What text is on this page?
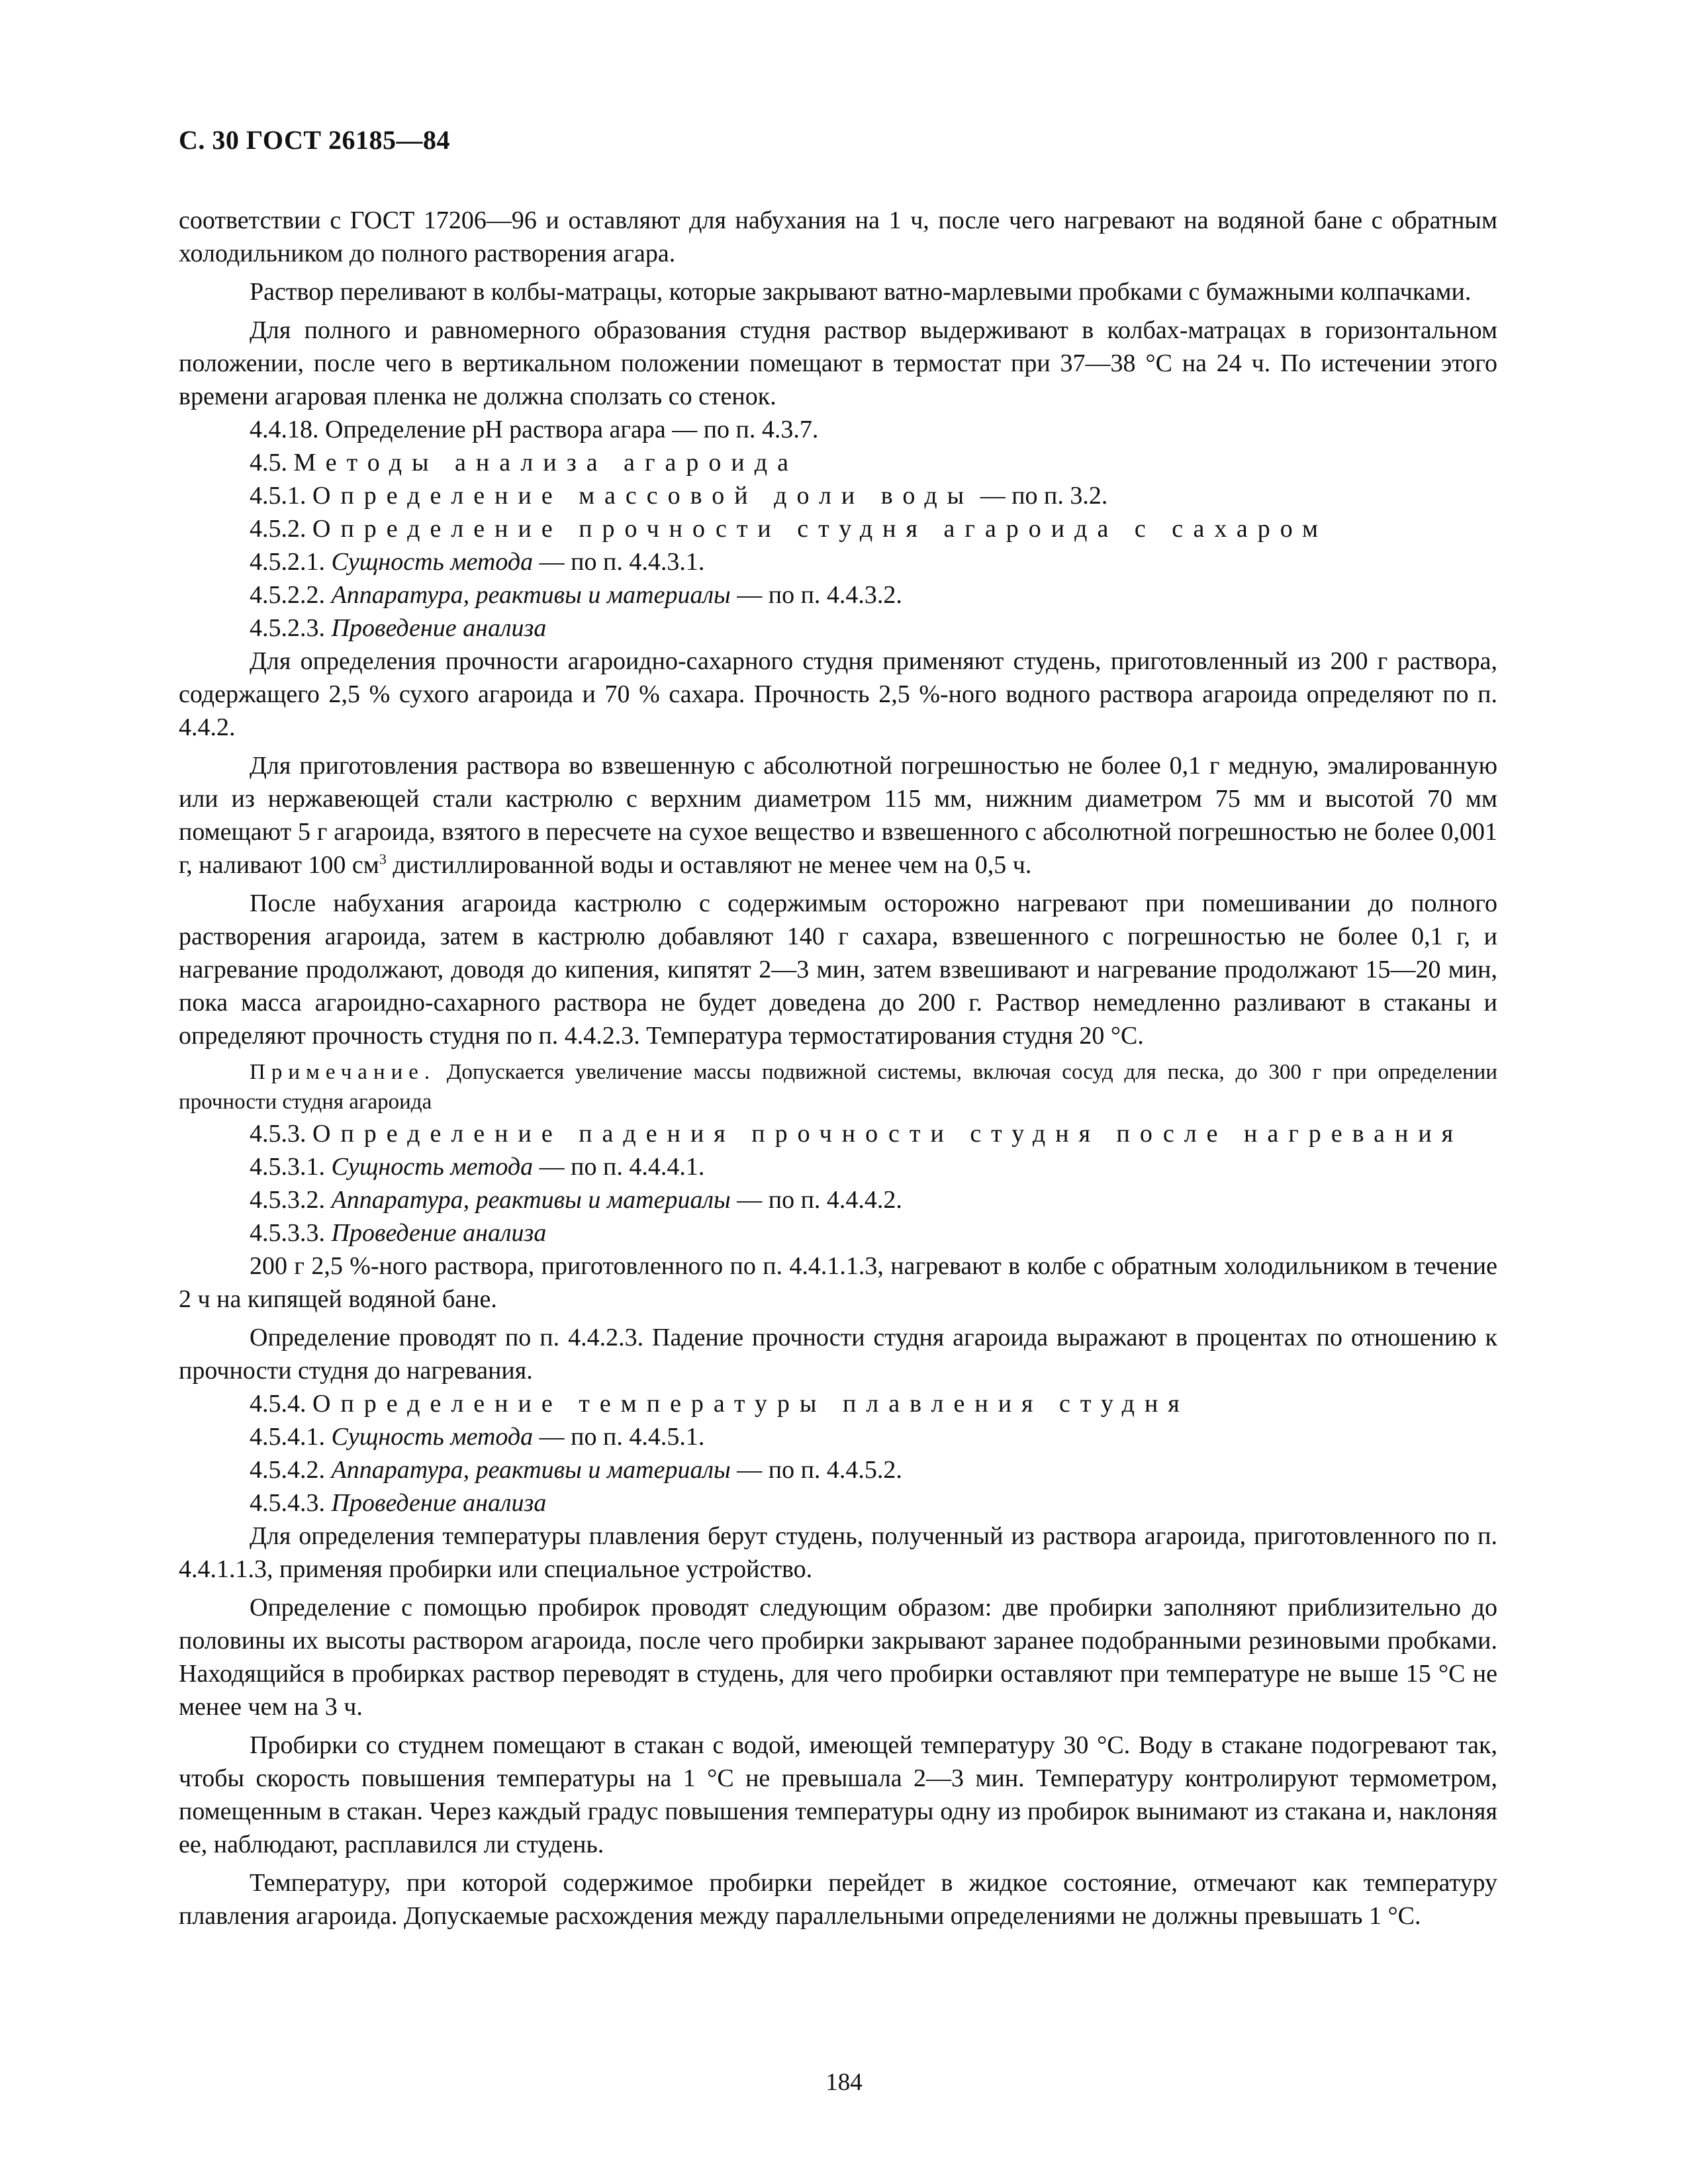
С. 30 ГОСТ 26185—84

соответствии с ГОСТ 17206—96 и оставляют для набухания на 1 ч, после чего нагревают на водяной бане с обратным холодильником до полного растворения агара.

Раствор переливают в колбы-матрацы, которые закрывают ватно-марлевыми пробками с бумажными колпачками.

Для полного и равномерного образования студня раствор выдерживают в колбах-матрацах в горизонтальном положении, после чего в вертикальном положении помещают в термостат при 37—38 °С на 24 ч. По истечении этого времени агаровая пленка не должна сползать со стенок.

4.4.18. Определение pH раствора агара — по п. 4.3.7.

4.5. Методы анализа агароида

4.5.1. Определение массовой доли воды — по п. 3.2.

4.5.2. Определение прочности студня агароида с сахаром

4.5.2.1. Сущность метода — по п. 4.4.3.1.

4.5.2.2. Аппаратура, реактивы и материалы — по п. 4.4.3.2.

4.5.2.3. Проведение анализа

Для определения прочности агароидно-сахарного студня применяют студень, приготовленный из 200 г раствора, содержащего 2,5 % сухого агароида и 70 % сахара. Прочность 2,5 %-ного водного раствора агароида определяют по п. 4.4.2.

Для приготовления раствора во взвешенную с абсолютной погрешностью не более 0,1 г медную, эмалированную или из нержавеющей стали кастрюлю с верхним диаметром 115 мм, нижним диаметром 75 мм и высотой 70 мм помещают 5 г агароида, взятого в пересчете на сухое вещество и взвешенного с абсолютной погрешностью не более 0,001 г, наливают 100 $см^3$ дистиллированной воды и оставляют не менее чем на 0,5 ч.

После набухания агароида кастрюлю с содержимым осторожно нагревают при помешивании до полного растворения агароида, затем в кастрюлю добавляют 140 г сахара, взвешенного с погрешностью не более 0,1 г, и нагревание продолжают, доводя до кипения, кипятят 2—3 мин, затем взвешивают и нагревание продолжают 15—20 мин, пока масса агароидно-сахарного раствора не будет доведена до 200 г. Раствор немедленно разливают в стаканы и определяют прочность студня по п. 4.4.2.3. Температура термостатирования студня 20 °С.

Примечание. Допускается увеличение массы подвижной системы, включая сосуд для песка, до 300 г при определении прочности студня агароида

4.5.3. Определение падения прочности студня после нагревания

4.5.3.1. Сущность метода — по п. 4.4.4.1.

4.5.3.2. Аппаратура, реактивы и материалы — по п. 4.4.4.2.

4.5.3.3. Проведение анализа

200 г 2,5 %-ного раствора, приготовленного по п. 4.4.1.1.3, нагревают в колбе с обратным холодильником в течение 2 ч на кипящей водяной бане.

Определение проводят по п. 4.4.2.3. Падение прочности студня агароида выражают в процентах по отношению к прочности студня до нагревания.

4.5.4. Определение температуры плавления студня

4.5.4.1. Сущность метода — по п. 4.4.5.1.

4.5.4.2. Аппаратура, реактивы и материалы — по п. 4.4.5.2.

4.5.4.3. Проведение анализа

Для определения температуры плавления берут студень, полученный из раствора агароида, приготовленного по п. 4.4.1.1.3, применяя пробирки или специальное устройство.

Определение с помощью пробирок проводят следующим образом: две пробирки заполняют приблизительно до половины их высоты раствором агароида, после чего пробирки закрывают заранее подобранными резиновыми пробками. Находящийся в пробирках раствор переводят в студень, для чего пробирки оставляют при температуре не выше 15 °С не менее чем на 3 ч.

Пробирки со студнем помещают в стакан с водой, имеющей температуру 30 °С. Воду в стакане подогревают так, чтобы скорость повышения температуры на 1 °С не превышала 2—3 мин. Температуру контролируют термометром, помещенным в стакан. Через каждый градус повышения температуры одну из пробирок вынимают из стакана и, наклоняя ее, наблюдают, расплавился ли студень.

Температуру, при которой содержимое пробирки перейдет в жидкое состояние, отмечают как температуру плавления агароида. Допускаемые расхождения между параллельными определениями не должны превышать 1 °С.

184
